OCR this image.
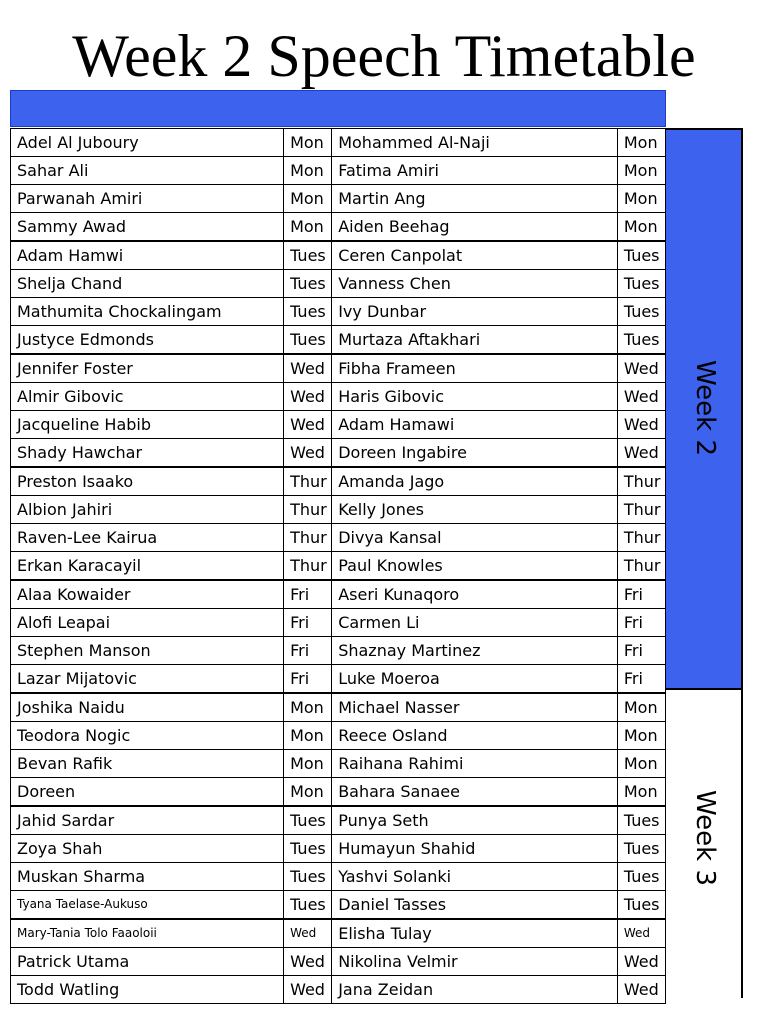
Week 2 Speech Timetable
Adel Al Juboury	Mon	Mohammed Al-Naji	Mon
Sahar Ali	Mon	Fatima Amiri	Mon
Parwanah Amiri	Mon	Martin Ang	Mon
Sammy Awad	Mon	Aiden Beehag	Mon
Adam Hamwi	Tues	Ceren Canpolat	Tues
Shelja Chand	Tues	Vanness Chen	Tues
Mathumita Chockalingam	Tues	Ivy Dunbar	Tues
Justyce Edmonds	Tues	Murtaza Aftakhari	Tues
Jennifer Foster	Wed	Fibha Frameen	Wed
Almir Gibovic	Wed	Haris Gibovic	Wed
Jacqueline Habib	Wed	Adam Hamawi	Wed
Shady Hawchar	Wed	Doreen Ingabire	Wed
Preston Isaako	Thur	Amanda Jago	Thur
Albion Jahiri	Thur	Kelly Jones	Thur
Raven-Lee Kairua	Thur	Divya Kansal	Thur
Erkan Karacayil	Thur	Paul Knowles	Thur
Alaa Kowaider	Fri	Aseri Kunaqoro	Fri
Alofi Leapai	Fri	Carmen Li	Fri
Stephen Manson	Fri	Shaznay Martinez	Fri
Lazar Mijatovic	Fri	Luke Moeroa	Fri
Joshika Naidu	Mon	Michael Nasser	Mon
Teodora Nogic	Mon	Reece Osland	Mon
Bevan Rafik	Mon	Raihana Rahimi	Mon
Doreen	Mon	Bahara Sanaee	Mon
Jahid Sardar	Tues	Punya Seth	Tues
Zoya Shah	Tues	Humayun Shahid	Tues
Muskan Sharma	Tues	Yashvi Solanki	Tues
Tyana Taelase-Aukuso	Tues	Daniel Tasses	Tues
Mary-Tania Tolo Faaoloii	Wed	Elisha Tulay	Wed
Patrick Utama	Wed	Nikolina Velmir	Wed
Todd Watling	Wed	Jana Zeidan	Wed
Week 2
Week 3
